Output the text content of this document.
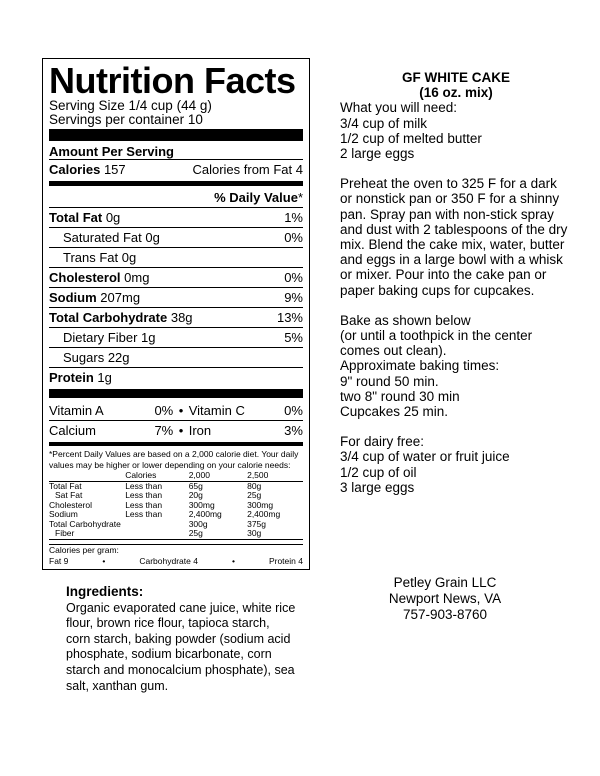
Nutrition Facts
Serving Size 1/4 cup (44 g)
Servings per container 10
Amount Per Serving
Calories 157	Calories from Fat 4
% Daily Value*
Total Fat 0g	1%
Saturated Fat 0g	0%
Trans Fat 0g
Cholesterol 0mg	0%
Sodium 207mg	9%
Total Carbohydrate 38g	13%
Dietary Fiber 1g	5%
Sugars 22g
Protein 1g
Vitamin A	0% • Vitamin C	0%
Calcium	7% • Iron	3%
*Percent Daily Values are based on a 2,000 calorie diet. Your daily values may be higher or lower depending on your calorie needs:
	Calories	2,000	2,500
Total Fat	Less than	65g	80g
Sat Fat	Less than	20g	25g
Cholesterol	Less than	300mg	300mg
Sodium	Less than	2,400mg	2,400mg
Total Carbohydrate		300g	375g
Fiber		25g	30g
Calories per gram:
Fat 9	•	Carbohydrate 4	•	Protein 4
GF WHITE CAKE
(16 oz. mix)
What you will need:
3/4 cup of milk
1/2 cup of melted butter
2 large eggs
Preheat the oven to 325 F for a dark or nonstick pan or 350 F for a shinny pan. Spray pan with non-stick spray and dust with 2 tablespoons of the dry mix. Blend the cake mix, water, butter and eggs in a large bowl with a whisk or mixer. Pour into the cake pan or paper baking cups for cupcakes.
Bake as shown below
(or until a toothpick in the center comes out clean).
Approximate baking times:
9" round 50 min.
two 8" round 30 min
Cupcakes 25 min.
For dairy free:
3/4 cup of water or fruit juice
1/2 cup of oil
3 large eggs
Petley Grain LLC
Newport News, VA
757-903-8760
Ingredients:
Organic evaporated cane juice, white rice flour, brown rice flour, tapioca starch, corn starch, baking powder (sodium acid phosphate, sodium bicarbonate, corn starch and monocalcium phosphate), sea salt, xanthan gum.
